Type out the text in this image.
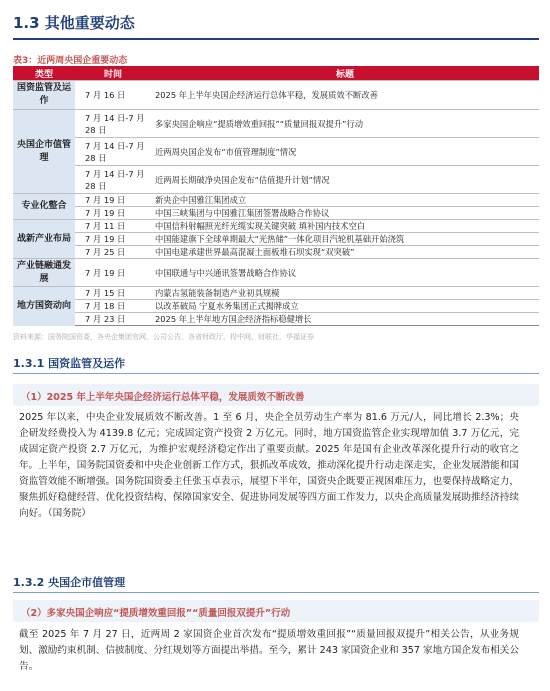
1.3 其他重要动态
表3：近两周央国企重要动态
类型	时间	标题
国资监管及运作	7 月 16 日	2025 年上半年央国企经济运行总体平稳，发展质效不断改善
央国企市值管理	7 月 14 日-7 月 28 日	多家央国企响应“提质增效重回报”“质量回报双提升”行动
	7 月 14 日-7 月 28 日	近两周央国企发布“市值管理制度”情况
	7 月 14 日-7 月 28 日	近两周长期破净央国企发布“估值提升计划”情况
专业化整合	7 月 19 日	新央企中国雅江集团成立
	7 月 19 日	中国三峡集团与中国雅江集团签署战略合作协议
战新产业布局	7 月 11 日	中国信科射幅照光纤光缆实现关键突破 填补国内技术空白
	7 月 19 日	中国能建旗下全球单期最大“光热储”一体化项目汽轮机基础开始浇筑
	7 月 25 日	中国电建承建世界最高混凝土面板堆石坝实现“双突破”
产业链融通发展	7 月 19 日	中国联通与中兴通讯签署战略合作协议
地方国资动向	7 月 15 日	内蒙古氢能装备制造产业初具规模
	7 月 18 日	以改革破局 宁夏水务集团正式揭牌成立
	7 月 23 日	2025 年上半年地方国企经济指标稳健增长
资料来源：国务院国资委，各央企集团官网，公司公告，各省财政厅，投中网，财联社，华福证券
1.3.1 国资监管及运作
（1）2025 年上半年央国企经济运行总体平稳，发展质效不断改善
2025 年以来，中央企业发展质效不断改善。1 至 6 月，央企全员劳动生产率为 81.6 万元/人，同比增长 2.3%；央企研发经费投入为 4139.8 亿元；完成固定资产投资 2 万亿元。同时，地方国资监管企业实现增加值 3.7 万亿元，完成固定资产投资 2.7 万亿元，为维护宏观经济稳定作出了重要贡献。2025 年是国有企业改革深化提升行动的收官之年。上半年，国务院国资委和中央企业创新工作方式，狠抓改革成效，推动深化提升行动走深走实，企业发展潜能和国资监管效能不断增强。国务院国资委主任张玉卓表示，展望下半年，国资央企既要正视困难压力，也要保持战略定力，聚焦抓好稳健经营、优化投资结构、保障国家安全、促进协同发展等四方面工作发力，以央企高质量发展助推经济持续向好。（国务院）
1.3.2 央国企市值管理
（2）多家央国企响应“提质增效重回报”“质量回报双提升”行动
截至 2025 年 7 月 27 日，近两周 2 家国资企业首次发布“提质增效重回报”“质量回报双提升”相关公告，从业务规划、激励约束机制、信披制度、分红规划等方面提出举措。至今，累计 243 家国资企业和 357 家地方国企发布相关公告。
